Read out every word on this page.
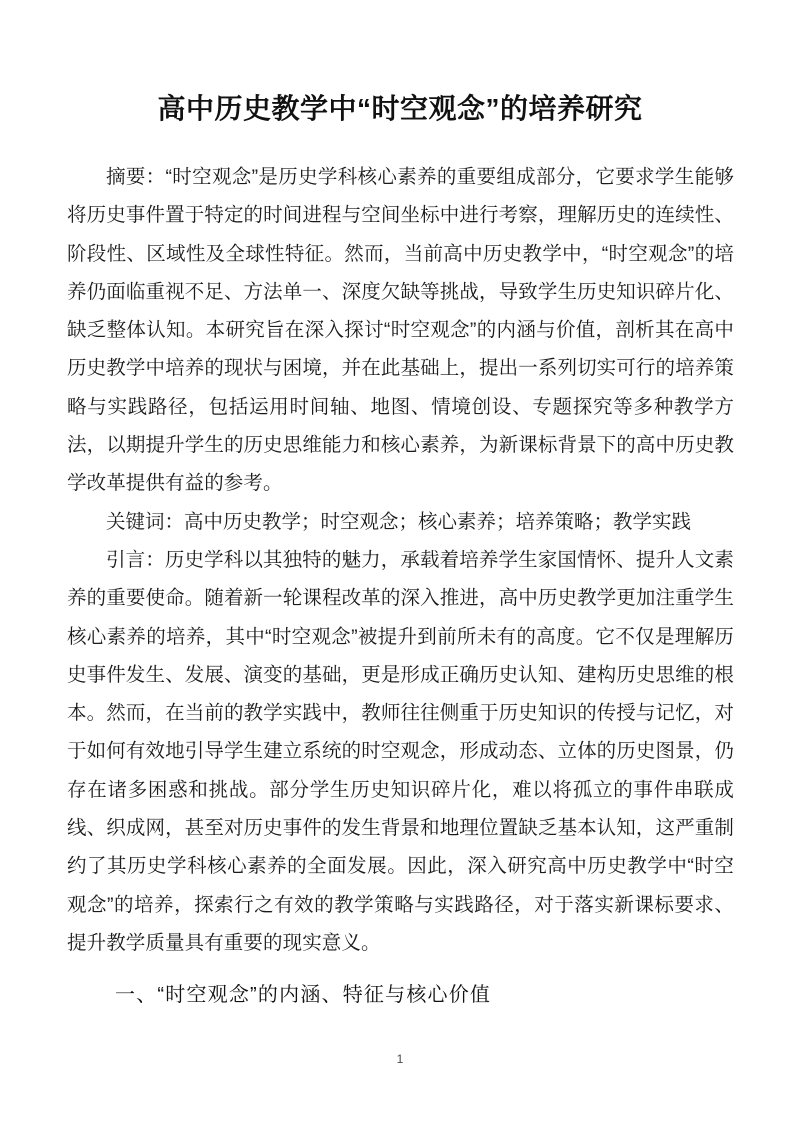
高中历史教学中“时空观念”的培养研究

摘要：“时空观念”是历史学科核心素养的重要组成部分，它要求学生能够将历史事件置于特定的时间进程与空间坐标中进行考察，理解历史的连续性、阶段性、区域性及全球性特征。然而，当前高中历史教学中，“时空观念”的培养仍面临重视不足、方法单一、深度欠缺等挑战，导致学生历史知识碎片化、缺乏整体认知。本研究旨在深入探讨“时空观念”的内涵与价值，剖析其在高中历史教学中培养的现状与困境，并在此基础上，提出一系列切实可行的培养策略与实践路径，包括运用时间轴、地图、情境创设、专题探究等多种教学方法，以期提升学生的历史思维能力和核心素养，为新课标背景下的高中历史教学改革提供有益的参考。

关键词：高中历史教学；时空观念；核心素养；培养策略；教学实践

引言：历史学科以其独特的魅力，承载着培养学生家国情怀、提升人文素养的重要使命。随着新一轮课程改革的深入推进，高中历史教学更加注重学生核心素养的培养，其中“时空观念”被提升到前所未有的高度。它不仅是理解历史事件发生、发展、演变的基础，更是形成正确历史认知、建构历史思维的根本。然而，在当前的教学实践中，教师往往侧重于历史知识的传授与记忆，对于如何有效地引导学生建立系统的时空观念，形成动态、立体的历史图景，仍存在诸多困惑和挑战。部分学生历史知识碎片化，难以将孤立的事件串联成线、织成网，甚至对历史事件的发生背景和地理位置缺乏基本认知，这严重制约了其历史学科核心素养的全面发展。因此，深入研究高中历史教学中“时空观念”的培养，探索行之有效的教学策略与实践路径，对于落实新课标要求、提升教学质量具有重要的现实意义。

一、“时空观念”的内涵、特征与核心价值

1
